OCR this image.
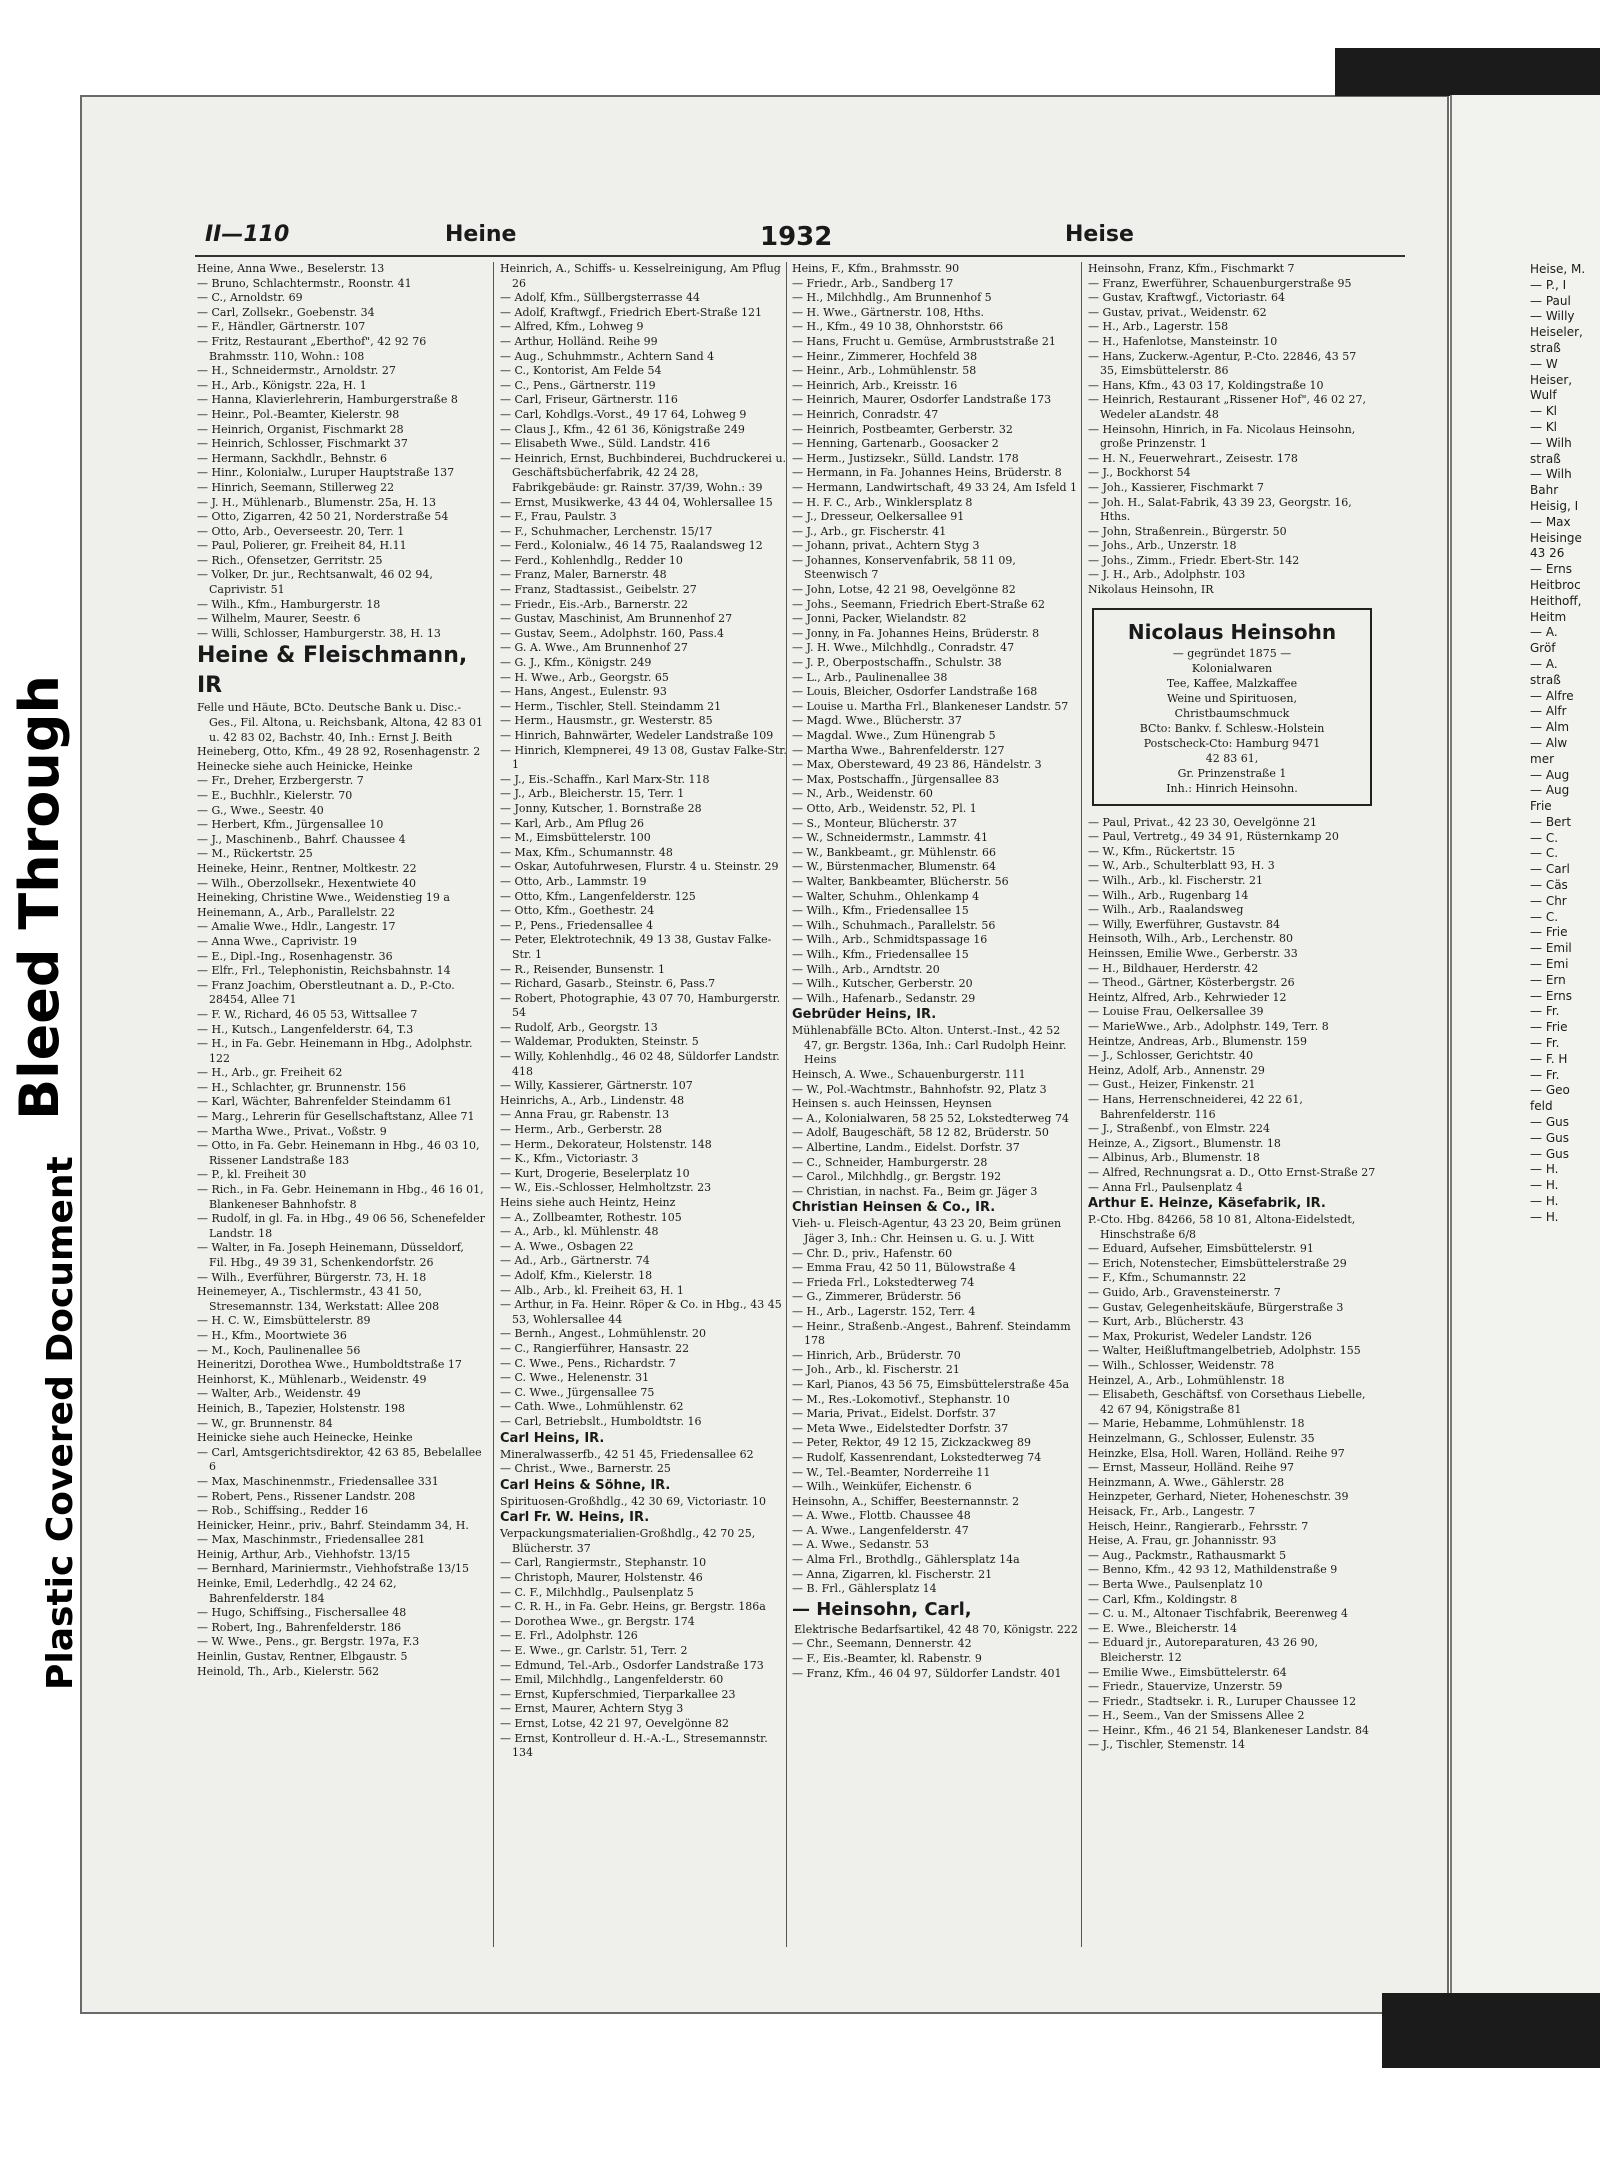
Bleed Through
Plastic Covered Document
II—110	Heine	1932	Heise

Heine, Anna Wwe., Beselerstr. 13

— Bruno, Schlachtermstr., Roonstr. 41

— C., Arnoldstr. 69

— Carl, Zollsekr., Goebenstr. 34

— F., Händler, Gärtnerstr. 107

— Fritz, Restaurant „Eberthof", 42 92 76 Brahmsstr. 110, Wohn.: 108

— H., Schneidermstr., Arnoldstr. 27

— H., Arb., Königstr. 22a, H. 1

— Hanna, Klavierlehrerin, Hamburgerstraße 8

— Heinr., Pol.-Beamter, Kielerstr. 98

— Heinrich, Organist, Fischmarkt 28

— Heinrich, Schlosser, Fischmarkt 37

— Hermann, Sackhdlr., Behnstr. 6

— Hinr., Kolonialw., Luruper Hauptstraße 137

— Hinrich, Seemann, Stillerweg 22

— J. H., Mühlenarb., Blumenstr. 25a, H. 13

— Otto, Zigarren, 42 50 21, Norderstraße 54

— Otto, Arb., Oeverseestr. 20, Terr. 1

— Paul, Polierer, gr. Freiheit 84, H.11

— Rich., Ofensetzer, Gerritstr. 25

— Volker, Dr. jur., Rechtsanwalt, 46 02 94, Caprivistr. 51

— Wilh., Kfm., Hamburgerstr. 18

— Wilhelm, Maurer, Seestr. 6

— Willi, Schlosser, Hamburgerstr. 38, H. 13

Heine & Fleischmann, IR

Felle und Häute, BCto. Deutsche Bank u. Disc.-Ges., Fil. Altona, u. Reichsbank, Altona, 42 83 01 u. 42 83 02, Bachstr. 40, Inh.: Ernst J. Beith

Heineberg, Otto, Kfm., 49 28 92, Rosenhagenstr. 2

Heinecke siehe auch Heinicke, Heinke

— Fr., Dreher, Erzbergerstr. 7

— E., Buchhlr., Kielerstr. 70

— G., Wwe., Seestr. 40

— Herbert, Kfm., Jürgensallee 10

— J., Maschinenb., Bahrf. Chaussee 4

— M., Rückertstr. 25

Heineke, Heinr., Rentner, Moltkestr. 22

— Wilh., Oberzollsekr., Hexentwiete 40

Heineking, Christine Wwe., Weidenstieg 19 a

Heinemann, A., Arb., Parallelstr. 22

— Amalie Wwe., Hdlr., Langestr. 17

— Anna Wwe., Caprivistr. 19

— E., Dipl.-Ing., Rosenhagenstr. 36

— Elfr., Frl., Telephonistin, Reichsbahnstr. 14

— Franz Joachim, Oberstleutnant a. D., P.-Cto. 28454, Allee 71

— F. W., Richard, 46 05 53, Wittsallee 7

— H., Kutsch., Langenfelderstr. 64, T.3

— H., in Fa. Gebr. Heinemann in Hbg., Adolphstr. 122

— H., Arb., gr. Freiheit 62

— H., Schlachter, gr. Brunnenstr. 156

— Karl, Wächter, Bahrenfelder Steindamm 61

— Marg., Lehrerin für Gesellschaftstanz, Allee 71

— Martha Wwe., Privat., Voßstr. 9

— Otto, in Fa. Gebr. Heinemann in Hbg., 46 03 10, Rissener Landstraße 183

— P., kl. Freiheit 30

— Rich., in Fa. Gebr. Heinemann in Hbg., 46 16 01, Blankeneser Bahnhofstr. 8

— Rudolf, in gl. Fa. in Hbg., 49 06 56, Schenefelder Landstr. 18

— Walter, in Fa. Joseph Heinemann, Düsseldorf, Fil. Hbg., 49 39 31, Schenkendorfstr. 26

— Wilh., Everführer, Bürgerstr. 73, H. 18

Heinemeyer, A., Tischlermstr., 43 41 50, Stresemannstr. 134, Werkstatt: Allee 208

— H. C. W., Eimsbüttelerstr. 89

— H., Kfm., Moortwiete 36

— M., Koch, Paulinenallee 56

Heineritzi, Dorothea Wwe., Humboldtstraße 17

Heinhorst, K., Mühlenarb., Weidenstr. 49

— Walter, Arb., Weidenstr. 49

Heinich, B., Tapezier, Holstenstr. 198

— W., gr. Brunnenstr. 84

Heinicke siehe auch Heinecke, Heinke

— Carl, Amtsgerichtsdirektor, 42 63 85, Bebelallee 6

— Max, Maschinenmstr., Friedensallee 331

— Robert, Pens., Rissener Landstr. 208

— Rob., Schiffsing., Redder 16

Heinicker, Heinr., priv., Bahrf. Steindamm 34, H.

— Max, Maschinmstr., Friedensallee 281

Heinig, Arthur, Arb., Viehhofstr. 13/15

— Bernhard, Mariniermstr., Viehhofstraße 13/15

Heinke, Emil, Lederhdlg., 42 24 62, Bahrenfelderstr. 184

— Hugo, Schiffsing., Fischersallee 48

— Robert, Ing., Bahrenfelderstr. 186

— W. Wwe., Pens., gr. Bergstr. 197a, F.3

Heinlin, Gustav, Rentner, Elbgaustr. 5

Heinold, Th., Arb., Kielerstr. 562

Heinrich, A., Schiffs- u. Kesselreinigung, Am Pflug 26

— Adolf, Kfm., Süllbergsterrasse 44

— Adolf, Kraftwgf., Friedrich Ebert-Straße 121

— Alfred, Kfm., Lohweg 9

— Arthur, Holländ. Reihe 99

— Aug., Schuhmmstr., Achtern Sand 4

— C., Kontorist, Am Felde 54

— C., Pens., Gärtnerstr. 119

— Carl, Friseur, Gärtnerstr. 116

— Carl, Kohdlgs.-Vorst., 49 17 64, Lohweg 9

— Claus J., Kfm., 42 61 36, Königstraße 249

— Elisabeth Wwe., Süld. Landstr. 416

— Heinrich, Ernst, Buchbinderei, Buchdruckerei u. Geschäftsbücherfabrik, 42 24 28, Fabrikgebäude: gr. Rainstr. 37/39, Wohn.: 39

— Ernst, Musikwerke, 43 44 04, Wohlersallee 15

— F., Frau, Paulstr. 3

— F., Schuhmacher, Lerchenstr. 15/17

— Ferd., Kolonialw., 46 14 75, Raalandsweg 12

— Ferd., Kohlenhdlg., Redder 10

— Franz, Maler, Barnerstr. 48

— Franz, Stadtassist., Geibelstr. 27

— Friedr., Eis.-Arb., Barnerstr. 22

— Gustav, Maschinist, Am Brunnenhof 27

— Gustav, Seem., Adolphstr. 160, Pass.4

— G. A. Wwe., Am Brunnenhof 27

— G. J., Kfm., Königstr. 249

— H. Wwe., Arb., Georgstr. 65

— Hans, Angest., Eulenstr. 93

— Herm., Tischler, Stell. Steindamm 21

— Herm., Hausmstr., gr. Westerstr. 85

— Hinrich, Bahnwärter, Wedeler Landstraße 109

— Hinrich, Klempnerei, 49 13 08, Gustav Falke-Str. 1

— J., Eis.-Schaffn., Karl Marx-Str. 118

— J., Arb., Bleicherstr. 15, Terr. 1

— Jonny, Kutscher, 1. Bornstraße 28

— Karl, Arb., Am Pflug 26

— M., Eimsbüttelerstr. 100

— Max, Kfm., Schumannstr. 48

— Oskar, Autofuhrwesen, Flurstr. 4 u. Steinstr. 29

— Otto, Arb., Lammstr. 19

— Otto, Kfm., Langenfelderstr. 125

— Otto, Kfm., Goethestr. 24

— P., Pens., Friedensallee 4

— Peter, Elektrotechnik, 49 13 38, Gustav Falke-Str. 1

— R., Reisender, Bunsenstr. 1

— Richard, Gasarb., Steinstr. 6, Pass.7

— Robert, Photographie, 43 07 70, Hamburgerstr. 54

— Rudolf, Arb., Georgstr. 13

— Waldemar, Produkten, Steinstr. 5

— Willy, Kohlenhdlg., 46 02 48, Süldorfer Landstr. 418

— Willy, Kassierer, Gärtnerstr. 107

Heinrichs, A., Arb., Lindenstr. 48

— Anna Frau, gr. Rabenstr. 13

— Herm., Arb., Gerberstr. 28

— Herm., Dekorateur, Holstenstr. 148

— K., Kfm., Victoriastr. 3

— Kurt, Drogerie, Beselerplatz 10

— W., Eis.-Schlosser, Helmholtzstr. 23

Heins siehe auch Heintz, Heinz

— A., Zollbeamter, Rothestr. 105

— A., Arb., kl. Mühlenstr. 48

— A. Wwe., Osbagen 22

— Ad., Arb., Gärtnerstr. 74

— Adolf, Kfm., Kielerstr. 18

— Alb., Arb., kl. Freiheit 63, H. 1

— Arthur, in Fa. Heinr. Röper & Co. in Hbg., 43 45 53, Wohlersallee 44

— Bernh., Angest., Lohmühlenstr. 20

— C., Rangierführer, Hansastr. 22

— C. Wwe., Pens., Richardstr. 7

— C. Wwe., Helenenstr. 31

— C. Wwe., Jürgensallee 75

— Cath. Wwe., Lohmühlenstr. 62

— Carl, Betriebslt., Humboldtstr. 16

Carl Heins, IR.

Mineralwasserfb., 42 51 45, Friedensallee 62

— Christ., Wwe., Barnerstr. 25

Carl Heins & Söhne, IR.

Spirituosen-Großhdlg., 42 30 69, Victoriastr. 10

Carl Fr. W. Heins, IR.

Verpackungsmaterialien-Großhdlg., 42 70 25, Blücherstr. 37

— Carl, Rangiermstr., Stephanstr. 10

— Christoph, Maurer, Holstenstr. 46

— C. F., Milchhdlg., Paulsenplatz 5

— C. R. H., in Fa. Gebr. Heins, gr. Bergstr. 186a

— Dorothea Wwe., gr. Bergstr. 174

— E. Frl., Adolphstr. 126

— E. Wwe., gr. Carlstr. 51, Terr. 2

— Edmund, Tel.-Arb., Osdorfer Landstraße 173

— Emil, Milchhdlg., Langenfelderstr. 60

— Ernst, Kupferschmied, Tierparkallee 23

— Ernst, Maurer, Achtern Styg 3

— Ernst, Lotse, 42 21 97, Oevelgönne 82

— Ernst, Kontrolleur d. H.-A.-L., Stresemannstr. 134

Heins, F., Kfm., Brahmsstr. 90

— Friedr., Arb., Sandberg 17

— H., Milchhdlg., Am Brunnenhof 5

— H. Wwe., Gärtnerstr. 108, Hths.

— H., Kfm., 49 10 38, Ohnhorststr. 66

— Hans, Frucht u. Gemüse, Armbruststraße 21

— Heinr., Zimmerer, Hochfeld 38

— Heinr., Arb., Lohmühlenstr. 58

— Heinrich, Arb., Kreisstr. 16

— Heinrich, Maurer, Osdorfer Landstraße 173

— Heinrich, Conradstr. 47

— Heinrich, Postbeamter, Gerberstr. 32

— Henning, Gartenarb., Goosacker 2

— Herm., Justizsekr., Sülld. Landstr. 178

— Hermann, in Fa. Johannes Heins, Brüderstr. 8

— Hermann, Landwirtschaft, 49 33 24, Am Isfeld 1

— H. F. C., Arb., Winklersplatz 8

— J., Dresseur, Oelkersallee 91

— J., Arb., gr. Fischerstr. 41

— Johann, privat., Achtern Styg 3

— Johannes, Konservenfabrik, 58 11 09, Steenwisch 7

— John, Lotse, 42 21 98, Oevelgönne 82

— Johs., Seemann, Friedrich Ebert-Straße 62

— Jonni, Packer, Wielandstr. 82

— Jonny, in Fa. Johannes Heins, Brüderstr. 8

— J. H. Wwe., Milchhdlg., Conradstr. 47

— J. P., Oberpostschaffn., Schulstr. 38

— L., Arb., Paulinenallee 38

— Louis, Bleicher, Osdorfer Landstraße 168

— Louise u. Martha Frl., Blankeneser Landstr. 57

— Magd. Wwe., Blücherstr. 37

— Magdal. Wwe., Zum Hünengrab 5

— Martha Wwe., Bahrenfelderstr. 127

— Max, Obersteward, 49 23 86, Händelstr. 3

— Max, Postschaffn., Jürgensallee 83

— N., Arb., Weidenstr. 60

— Otto, Arb., Weidenstr. 52, Pl. 1

— S., Monteur, Blücherstr. 37

— W., Schneidermstr., Lammstr. 41

— W., Bankbeamt., gr. Mühlenstr. 66

— W., Bürstenmacher, Blumenstr. 64

— Walter, Bankbeamter, Blücherstr. 56

— Walter, Schuhm., Ohlenkamp 4

— Wilh., Kfm., Friedensallee 15

— Wilh., Schuhmach., Parallelstr. 56

— Wilh., Arb., Schmidtspassage 16

— Wilh., Kfm., Friedensallee 15

— Wilh., Arb., Arndtstr. 20

— Wilh., Kutscher, Gerberstr. 20

— Wilh., Hafenarb., Sedanstr. 29

Gebrüder Heins, IR.

Mühlenabfälle BCto. Alton. Unterst.-Inst., 42 52 47, gr. Bergstr. 136a, Inh.: Carl Rudolph Heinr. Heins

Heinsch, A. Wwe., Schauenburgerstr. 111

— W., Pol.-Wachtmstr., Bahnhofstr. 92, Platz 3

Heinsen s. auch Heinssen, Heynsen

— A., Kolonialwaren, 58 25 52, Lokstedterweg 74

— Adolf, Baugeschäft, 58 12 82, Brüderstr. 50

— Albertine, Landm., Eidelst. Dorfstr. 37

— C., Schneider, Hamburgerstr. 28

— Carol., Milchhdlg., gr. Bergstr. 192

— Christian, in nachst. Fa., Beim gr. Jäger 3

Christian Heinsen & Co., IR.

Vieh- u. Fleisch-Agentur, 43 23 20, Beim grünen Jäger 3, Inh.: Chr. Heinsen u. G. u. J. Witt

— Chr. D., priv., Hafenstr. 60

— Emma Frau, 42 50 11, Bülowstraße 4

— Frieda Frl., Lokstedterweg 74

— G., Zimmerer, Brüderstr. 56

— H., Arb., Lagerstr. 152, Terr. 4

— Heinr., Straßenb.-Angest., Bahrenf. Steindamm 178

— Hinrich, Arb., Brüderstr. 70

— Joh., Arb., kl. Fischerstr. 21

— Karl, Pianos, 43 56 75, Eimsbüttelerstraße 45a

— M., Res.-Lokomotivf., Stephanstr. 10

— Maria, Privat., Eidelst. Dorfstr. 37

— Meta Wwe., Eidelstedter Dorfstr. 37

— Peter, Rektor, 49 12 15, Zickzackweg 89

— Rudolf, Kassenrendant, Lokstedterweg 74

— W., Tel.-Beamter, Norderreihe 11

— Wilh., Weinküfer, Eichenstr. 6

Heinsohn, A., Schiffer, Beesternannstr. 2

— A. Wwe., Flottb. Chaussee 48

— A. Wwe., Langenfelderstr. 47

— A. Wwe., Sedanstr. 53

— Alma Frl., Brothdlg., Gählersplatz 14a

— Anna, Zigarren, kl. Fischerstr. 21

— B. Frl., Gählersplatz 14

— Heinsohn, Carl,

Elektrische Bedarfsartikel, 42 48 70, Königstr. 222

— Chr., Seemann, Dennerstr. 42

— F., Eis.-Beamter, kl. Rabenstr. 9

— Franz, Kfm., 46 04 97, Süldorfer Landstr. 401

Heinsohn, Franz, Kfm., Fischmarkt 7

— Franz, Ewerführer, Schauenburgerstraße 95

— Gustav, Kraftwgf., Victoriastr. 64

— Gustav, privat., Weidenstr. 62

— H., Arb., Lagerstr. 158

— H., Hafenlotse, Mansteinstr. 10

— Hans, Zuckerw.-Agentur, P.-Cto. 22846, 43 57 35, Eimsbüttelerstr. 86

— Hans, Kfm., 43 03 17, Koldingstraße 10

— Heinrich, Restaurant „Rissener Hof", 46 02 27, Wedeler aLandstr. 48

— Heinsohn, Hinrich, in Fa. Nicolaus Heinsohn, große Prinzenstr. 1

— H. N., Feuerwehrart., Zeisestr. 178

— J., Bockhorst 54

— Joh., Kassierer, Fischmarkt 7

— Joh. H., Salat-Fabrik, 43 39 23, Georgstr. 16, Hths.

— John, Straßenrein., Bürgerstr. 50

— Johs., Arb., Unzerstr. 18

— Johs., Zimm., Friedr. Ebert-Str. 142

— J. H., Arb., Adolphstr. 103

Nikolaus Heinsohn, IR

Nicolaus Heinsohn
— gegründet 1875 —
Kolonialwaren
Tee, Kaffee, Malzkaffee
Weine und Spirituosen,
Christbaumschmuck
BCto: Bankv. f. Schlesw.-Holstein
Postscheck-Cto: Hamburg 9471
42 83 61,
Gr. Prinzenstraße 1
Inh.: Hinrich Heinsohn.

— Paul, Privat., 42 23 30, Oevelgönne 21

— Paul, Vertretg., 49 34 91, Rüsternkamp 20

— W., Kfm., Rückertstr. 15

— W., Arb., Schulterblatt 93, H. 3

— Wilh., Arb., kl. Fischerstr. 21

— Wilh., Arb., Rugenbarg 14

— Wilh., Arb., Raalandsweg

— Willy, Ewerführer, Gustavstr. 84

Heinsoth, Wilh., Arb., Lerchenstr. 80

Heinssen, Emilie Wwe., Gerberstr. 33

— H., Bildhauer, Herderstr. 42

— Theod., Gärtner, Kösterbergstr. 26

Heintz, Alfred, Arb., Kehrwieder 12

— Louise Frau, Oelkersallee 39

— MarieWwe., Arb., Adolphstr. 149, Terr. 8

Heintze, Andreas, Arb., Blumenstr. 159

— J., Schlosser, Gerichtstr. 40

Heinz, Adolf, Arb., Annenstr. 29

— Gust., Heizer, Finkenstr. 21

— Hans, Herrenschneiderei, 42 22 61, Bahrenfelderstr. 116

— J., Straßenbf., von Elmstr. 224

Heinze, A., Zigsort., Blumenstr. 18

— Albinus, Arb., Blumenstr. 18

— Alfred, Rechnungsrat a. D., Otto Ernst-Straße 27

— Anna Frl., Paulsenplatz 4

Arthur E. Heinze, Käsefabrik, IR.

P.-Cto. Hbg. 84266, 58 10 81, Altona-Eidelstedt, Hinschstraße 6/8

— Eduard, Aufseher, Eimsbüttelerstr. 91

— Erich, Notenstecher, Eimsbüttelerstraße 29

— F., Kfm., Schumannstr. 22

— Guido, Arb., Gravensteinerstr. 7

— Gustav, Gelegenheitskäufe, Bürgerstraße 3

— Kurt, Arb., Blücherstr. 43

— Max, Prokurist, Wedeler Landstr. 126

— Walter, Heißluftmangelbetrieb, Adolphstr. 155

— Wilh., Schlosser, Weidenstr. 78

Heinzel, A., Arb., Lohmühlenstr. 18

— Elisabeth, Geschäftsf. von Corsethaus Liebelle, 42 67 94, Königstraße 81

— Marie, Hebamme, Lohmühlenstr. 18

Heinzelmann, G., Schlosser, Eulenstr. 35

Heinzke, Elsa, Holl. Waren, Holländ. Reihe 97

— Ernst, Masseur, Holländ. Reihe 97

Heinzmann, A. Wwe., Gählerstr. 28

Heinzpeter, Gerhard, Nieter, Hoheneschstr. 39

Heisack, Fr., Arb., Langestr. 7

Heisch, Heinr., Rangierarb., Fehrsstr. 7

Heise, A. Frau, gr. Johannisstr. 93

— Aug., Packmstr., Rathausmarkt 5

— Benno, Kfm., 42 93 12, Mathildenstraße 9

— Berta Wwe., Paulsenplatz 10

— Carl, Kfm., Koldingstr. 8

— C. u. M., Altonaer Tischfabrik, Beerenweg 4

— E. Wwe., Bleicherstr. 14

— Eduard jr., Autoreparaturen, 43 26 90, Bleicherstr. 12

— Emilie Wwe., Eimsbüttelerstr. 64

— Friedr., Stauervize, Unzerstr. 59

— Friedr., Stadtsekr. i. R., Luruper Chaussee 12

— H., Seem., Van der Smissens Allee 2

— Heinr., Kfm., 46 21 54, Blankeneser Landstr. 84

— J., Tischler, Stemenstr. 14

Heise, M.
— P., I
— Paul
— Willy
Heiseler,
straß
— W
Heiser,
Wulf
— Kl
— Kl
— Wilh
straß
— Wilh
Bahr
Heisig, I
— Max
Heisinge
43 26
— Erns
Heitbroc
Heithoff,
Heitm
— A.
Gröf
— A.
straß
— Alfre
— Alfr
— Alm
— Alw
mer
— Aug
— Aug
Frie
— Bert
— C.
— C.
— Carl
— Cäs
— Chr
— C.
— Frie
— Emil
— Emi
— Ern
— Erns
— Fr.
— Frie
— Fr.
— F. H
— Fr.
— Geo
feld
— Gus
— Gus
— Gus
— H.
— H.
— H.
— H.
